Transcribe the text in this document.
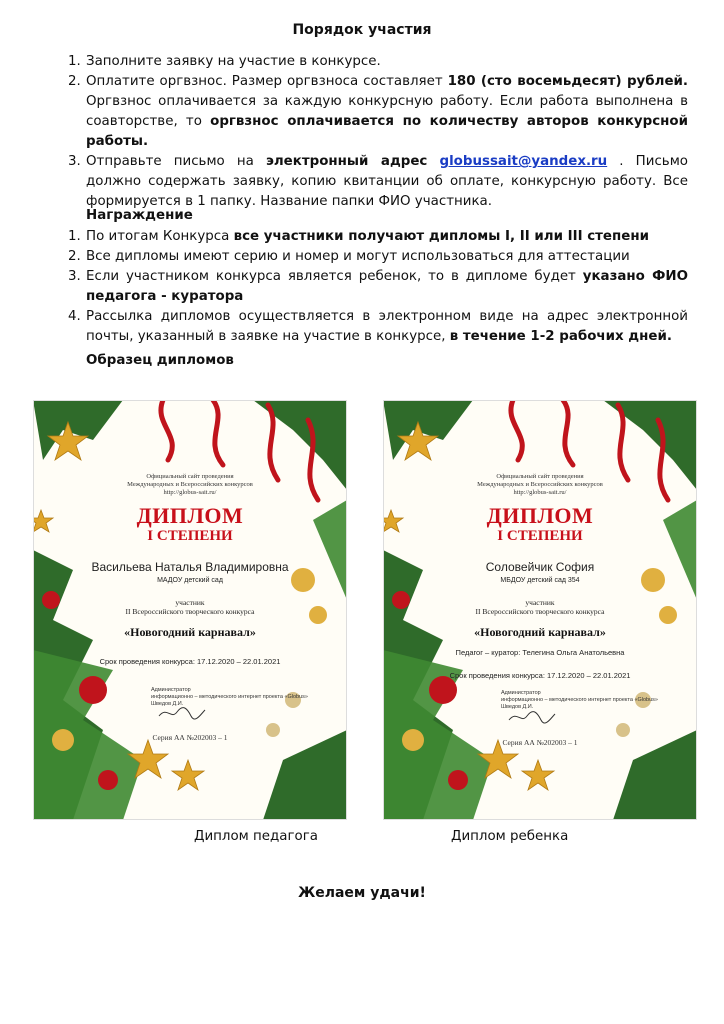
Порядок участия
1. Заполните заявку на участие в конкурсе.
2. Оплатите оргвзнос. Размер оргвзноса составляет 180 (сто восемьдесят) рублей. Оргвзнос оплачивается за каждую конкурсную работу. Если работа выполнена в соавторстве, то оргвзнос оплачивается по количеству авторов конкурсной работы.
3. Отправьте письмо на электронный адрес globussait@yandex.ru . Письмо должно содержать заявку, копию квитанции об оплате, конкурсную работу. Все формируется в 1 папку. Название папки ФИО участника.
Награждение
1. По итогам Конкурса все участники получают дипломы I, II или III степени
2. Все дипломы имеют серию и номер и могут использоваться для аттестации
3. Если участником конкурса является ребенок, то в дипломе будет указано ФИО педагога - куратора
4. Рассылка дипломов осуществляется в электронном виде на адрес электронной почты, указанный в заявке на участие в конкурсе, в течение 1-2 рабочих дней.
Образец дипломов
Официальный сайт проведения
Международных и Всероссийских конкурсов
http://globus-sait.ru/
ДИПЛОМ
I СТЕПЕНИ
Васильева Наталья Владимировна
МАДОУ детский сад
участник
II Всероссийского творческого конкурса
«Новогодний карнавал»
Срок проведения конкурса: 17.12.2020 – 22.01.2021
Администратор
информационно – методического интернет проекта «Globus»
Шведов Д.И.
Серия АА №202003 – 1
Официальный сайт проведения
Международных и Всероссийских конкурсов
http://globus-sait.ru/
ДИПЛОМ
I СТЕПЕНИ
Соловейчик София
МБДОУ детский сад 354
участник
II Всероссийского творческого конкурса
«Новогодний карнавал»
Педагог – куратор: Телегина Ольга Анатольевна
Срок проведения конкурса: 17.12.2020 – 22.01.2021
Администратор
информационно – методического интернет проекта «Globus»
Шведов Д.И.
Серия АА №202003 – 1
Диплом педагога	Диплом ребенка
Желаем удачи!
